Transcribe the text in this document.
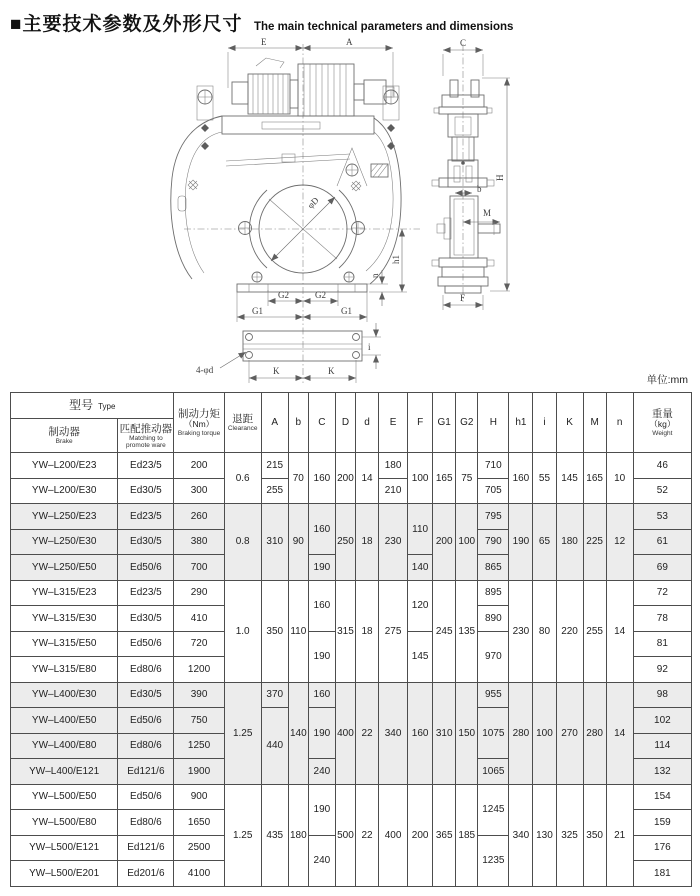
■主要技术参数及外形尺寸 The main technical parameters and dimensions
E	A
φD
G2	G2
G1	G1
h1
n
4-φd	K	K
i
C
b
M
F
H
单位:mm
型号 Type	
制动力矩
（Nm）
Braking torque

退距
Clearance
	A	b	C	D	d	E	F	G1	G2	H	h1	i	K	M	n	
重量
（kg）
Weight

制动器
Brake

匹配推动器
Matching to promote ware

YW–L200/E23	Ed23/5	200	0.6	215	70	160	200	14	180	100	165	75	710	160	55	145	165	10	46
YW–L200/E30	Ed30/5	300		255					210				705						52
YW–L250/E23	Ed23/5	260	0.8	310	90	160	250	18	230	110	200	100	795	190	65	180	225	12	53
YW–L250/E30	Ed30/5	380											790						61
YW–L250/E50	Ed50/6	700				190				140			865						69
YW–L315/E23	Ed23/5	290	1.0	350	110	160	315	18	275	120	245	135	895	230	80	220	255	14	72
YW–L315/E30	Ed30/5	410											890						78
YW–L315/E50	Ed50/6	720				190				145			970						81
YW–L315/E80	Ed80/6	1200																	92
YW–L400/E30	Ed30/5	390	1.25	370	140	160	400	22	340	160	310	150	955	280	100	270	280	14	98
YW–L400/E50	Ed50/6	750		440		190							1075						102
YW–L400/E80	Ed80/6	1250																	114
YW–L400/E121	Ed121/6	1900				240							1065						132
YW–L500/E50	Ed50/6	900	1.25	435	180	190	500	22	400	200	365	185	1245	340	130	325	350	21	154
YW–L500/E80	Ed80/6	1650																	159
YW–L500/E121	Ed121/6	2500				240							1235						176
YW–L500/E201	Ed201/6	4100																	181
